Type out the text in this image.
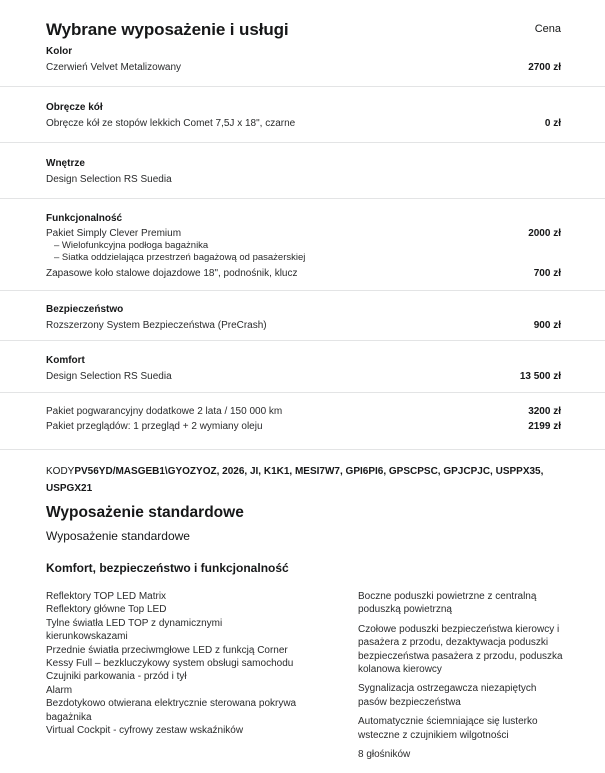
Wybrane wyposażenie i usługi	Cena
Kolor
Czerwień Velvet Metalizowany	2700 zł
Obręcze kół
Obręcze kół ze stopów lekkich Comet 7,5J x 18", czarne	0 zł
Wnętrze
Design Selection RS Suedia
Funkcjonalność
Pakiet Simply Clever Premium	2000 zł
– Wielofunkcyjna podłoga bagażnika
– Siatka oddzielająca przestrzeń bagażową od pasażerskiej
Zapasowe koło stalowe dojazdowe 18", podnośnik, klucz	700 zł
Bezpieczeństwo
Rozszerzony System Bezpieczeństwa (PreCrash)	900 zł
Komfort
Design Selection RS Suedia	13 500 zł
Pakiet pogwarancyjny dodatkowe 2 lata / 150 000 km	3200 zł
Pakiet przeglądów: 1 przegląd + 2 wymiany oleju	2199 zł
KODYPV56YD/MASGEB1\GYOZYOZ, 2026, JI, K1K1, MESI7W7, GPI6PI6, GPSCPSC, GPJCPJC, USPPX35, USPGX21
Wyposażenie standardowe
Wyposażenie standardowe
Komfort, bezpieczeństwo i funkcjonalność
Reflektory TOP LED Matrix
Reflektory główne Top LED
Tylne światła LED TOP z dynamicznymi kierunkowskazami
Przednie światła przeciwmgłowe LED z funkcją Corner
Kessy Full – bezkluczykowy system obsługi samochodu
Czujniki parkowania - przód i tył
Alarm
Bezdotykowo otwierana elektrycznie sterowana pokrywa bagażnika
Virtual Cockpit - cyfrowy zestaw wskaźników
Boczne poduszki powietrzne z centralną poduszką powietrzną
Czołowe poduszki bezpieczeństwa kierowcy i pasażera z przodu, dezaktywacja poduszki bezpieczeństwa pasażera z przodu, poduszka kolanowa kierowcy
Sygnalizacja ostrzegawcza niezapiętych pasów bezpieczeństwa
Automatycznie ściemniające się lusterko wsteczne z czujnikiem wilgotności
8 głośników
